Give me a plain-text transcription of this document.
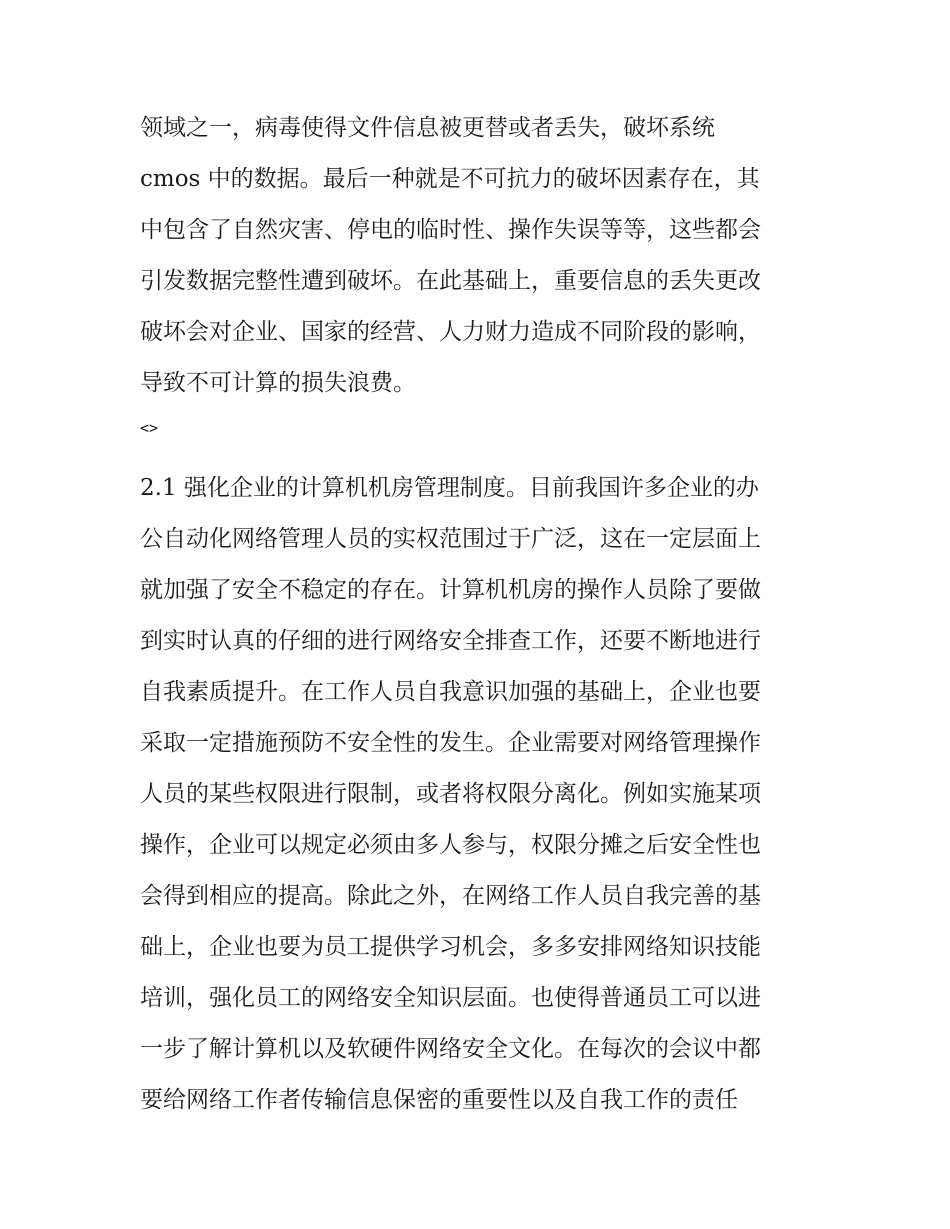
领域之一，病毒使得文件信息被更替或者丢失，破坏系统
cmos 中的数据。最后一种就是不可抗力的破坏因素存在，其
中包含了自然灾害、停电的临时性、操作失误等等，这些都会
引发数据完整性遭到破坏。在此基础上，重要信息的丢失更改
破坏会对企业、国家的经营、人力财力造成不同阶段的影响，
导致不可计算的损失浪费。
<>
2.1 强化企业的计算机机房管理制度。目前我国许多企业的办
公自动化网络管理人员的实权范围过于广泛，这在一定层面上
就加强了安全不稳定的存在。计算机机房的操作人员除了要做
到实时认真的仔细的进行网络安全排查工作，还要不断地进行
自我素质提升。在工作人员自我意识加强的基础上，企业也要
采取一定措施预防不安全性的发生。企业需要对网络管理操作
人员的某些权限进行限制，或者将权限分离化。例如实施某项
操作，企业可以规定必须由多人参与，权限分摊之后安全性也
会得到相应的提高。除此之外，在网络工作人员自我完善的基
础上，企业也要为员工提供学习机会，多多安排网络知识技能
培训，强化员工的网络安全知识层面。也使得普通员工可以进
一步了解计算机以及软硬件网络安全文化。在每次的会议中都
要给网络工作者传输信息保密的重要性以及自我工作的责任
